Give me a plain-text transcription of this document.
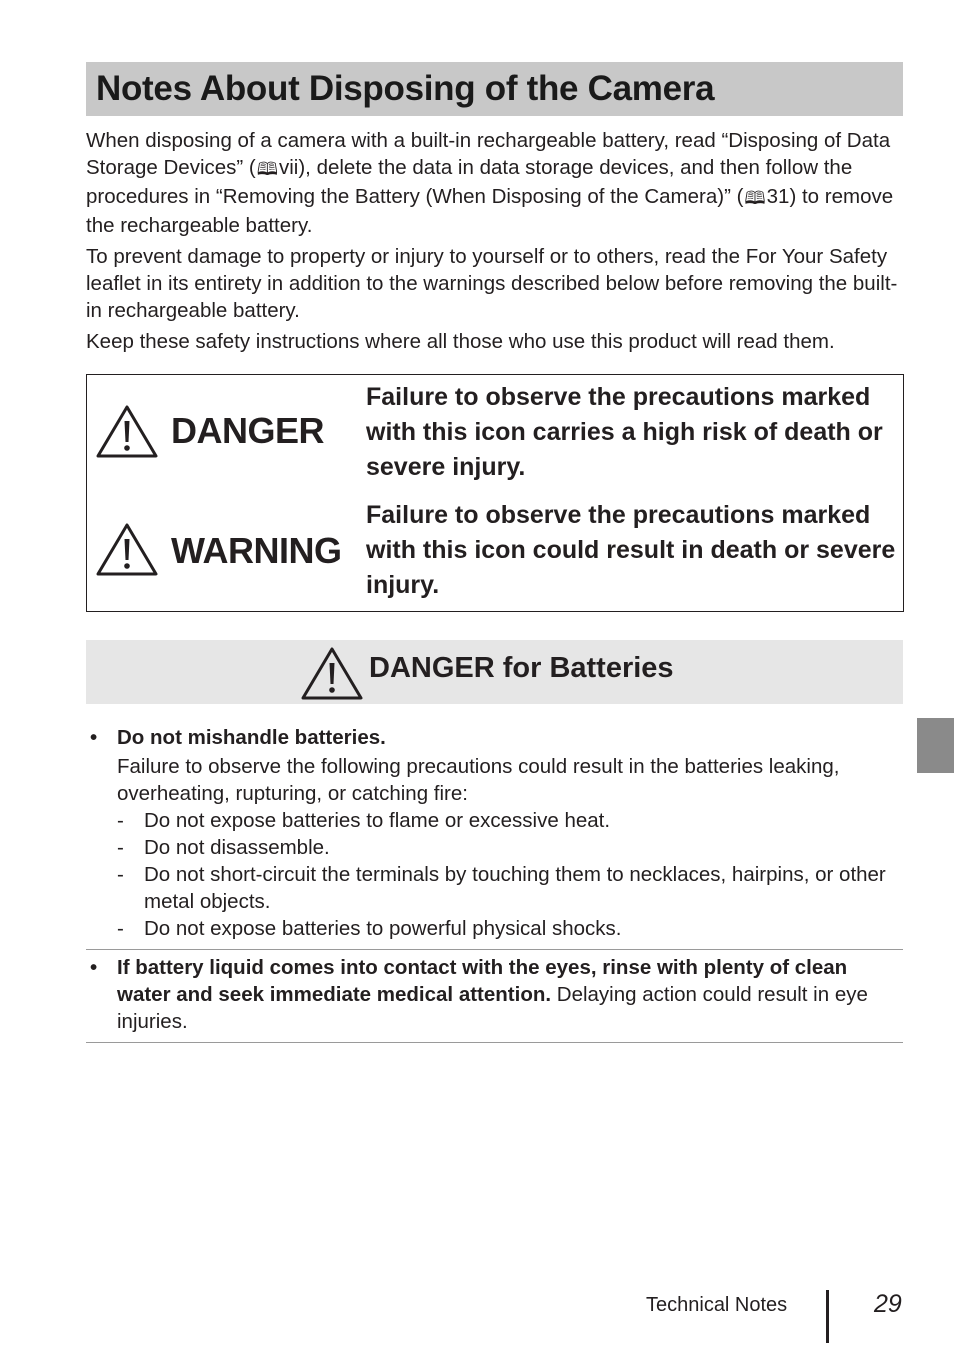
Notes About Disposing of the Camera

When disposing of a camera with a built-in rechargeable battery, read “Disposing of Data Storage Devices” (🕮vii), delete the data in data storage devices, and then follow the procedures in “Removing the Battery (When Disposing of the Camera)” (🕮31) to remove the rechargeable battery.

To prevent damage to property or injury to yourself or to others, read the For Your Safety leaflet in its entirety in addition to the warnings described below before removing the built-in rechargeable battery.

Keep these safety instructions where all those who use this product will read them.

DANGER
Failure to observe the precautions marked with this icon carries a high risk of death or severe injury.
WARNING
Failure to observe the precautions marked with this icon could result in death or severe injury.
DANGER for Batteries
• Do not mishandle batteries.

Failure to observe the following precautions could result in the batteries leaking, overheating, rupturing, or catching fire:

- Do not expose batteries to flame or excessive heat.
- Do not disassemble.
- Do not short-circuit the terminals by touching them to necklaces, hairpins, or other metal objects.
- Do not expose batteries to powerful physical shocks.
• If battery liquid comes into contact with the eyes, rinse with plenty of clean water and seek immediate medical attention. Delaying action could result in eye injuries.

Technical Notes	29
